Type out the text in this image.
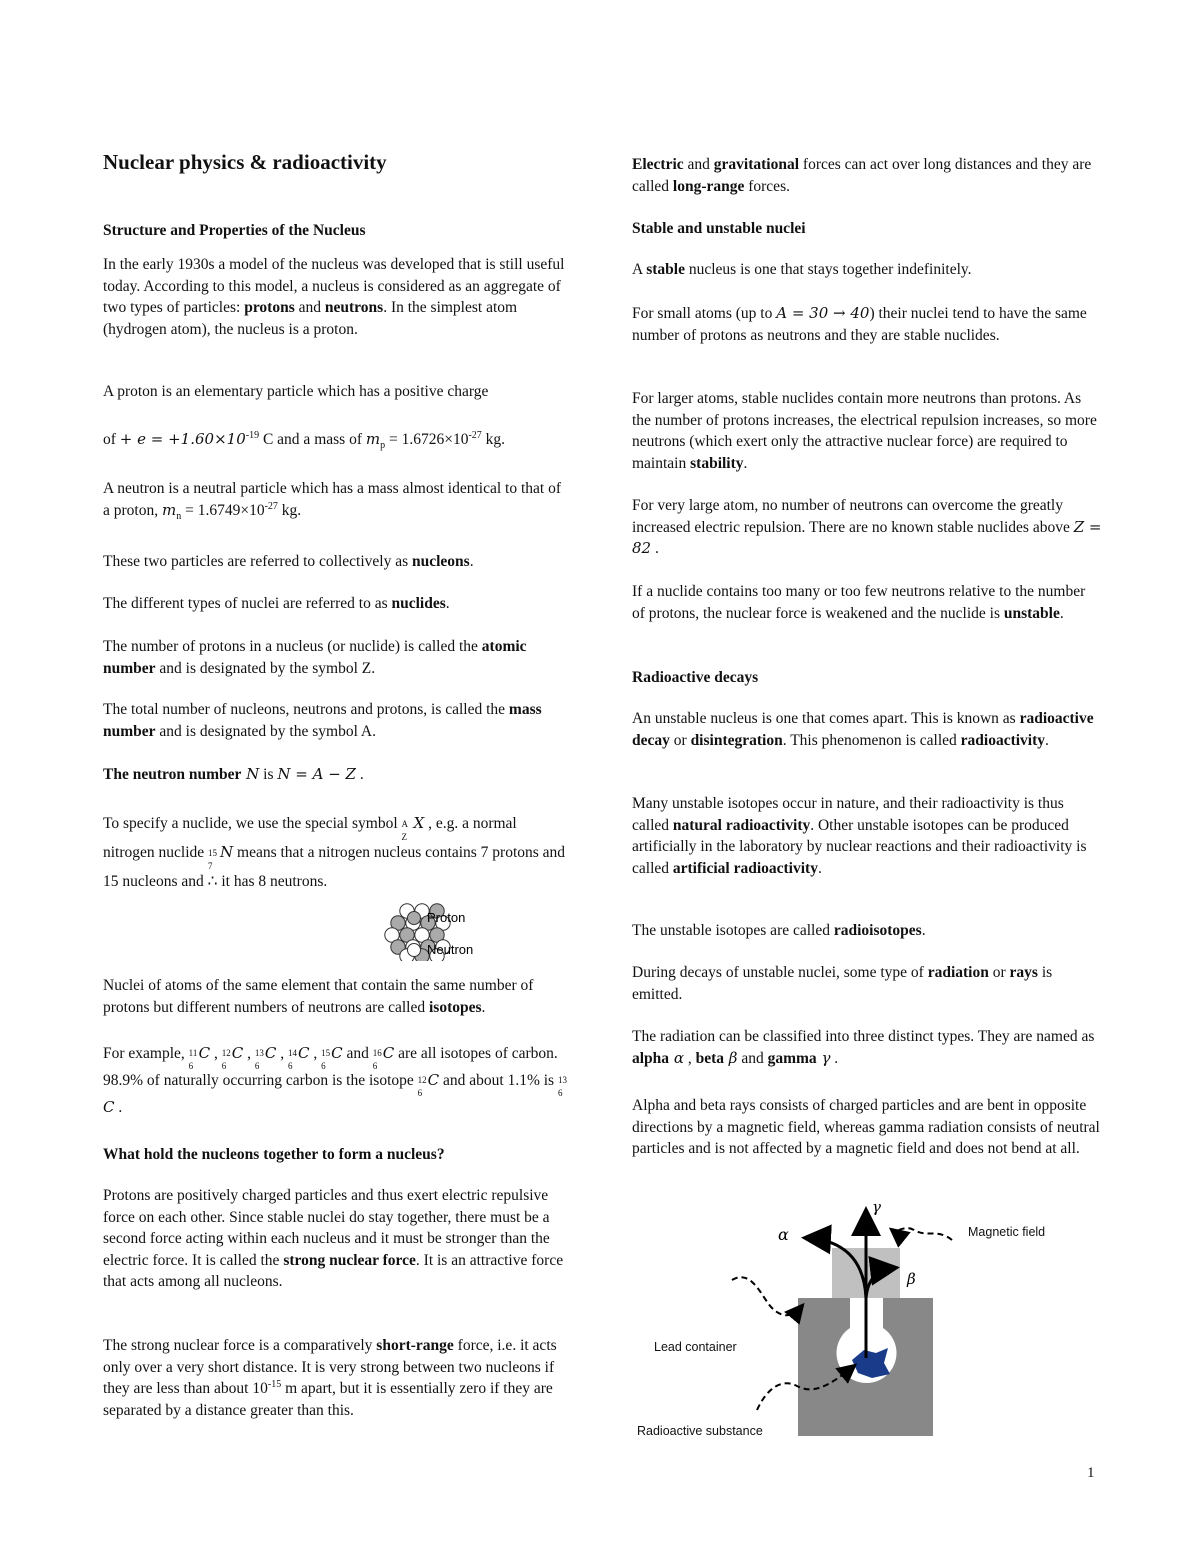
Nuclear physics & radioactivity
Structure and Properties of the Nucleus

In the early 1930s a model of the nucleus was developed that is still useful today. According to this model, a nucleus is considered as an aggregate of two types of particles: protons and neutrons. In the simplest atom (hydrogen atom), the nucleus is a proton.

A proton is an elementary particle which has a positive charge

of + $e = +1.60\times 10^{-19}$ C and a mass of $m_p = 1.6726\times 10^{-27}$ kg.

A neutron is a neutral particle which has a mass almost identical to that of a proton, $m_n = 1.6749\times 10^{-27}$ kg.

These two particles are referred to collectively as nucleons.

The different types of nuclei are referred to as nuclides.

The number of protons in a nucleus (or nuclide) is called the atomic number and is designated by the symbol Z.

The total number of nucleons, neutrons and protons, is called the mass number and is designated by the symbol A.

The neutron number N is N = A − Z .

To specify a nuclide, we use the special symbol A
Z
X , e.g. a normal nitrogen nuclide 15
7
N means that a nitrogen nucleus contains 7 protons and 15 nucleons and ∴ it has 8 neutrons.

Proton
Neutron

Nuclei of atoms of the same element that contain the same number of protons but different numbers of neutrons are called isotopes.

For example, 11
6
C , 12
6
C , 13
6
C , 14
6
C , 15
6
C and 16
6
C are all isotopes of carbon. 98.9% of naturally occurring carbon is the isotope 12
6
C and about 1.1% is 13
6
C .

What hold the nucleons together to form a nucleus?

Protons are positively charged particles and thus exert electric repulsive force on each other. Since stable nuclei do stay together, there must be a second force acting within each nucleus and it must be stronger than the electric force. It is called the strong nuclear force. It is an attractive force that acts among all nucleons.

The strong nuclear force is a comparatively short-range force, i.e. it acts only over a very short distance. It is very strong between two nucleons if they are less than about $10^{-15}$ m apart, but it is essentially zero if they are separated by a distance greater than this.

Electric and gravitational forces can act over long distances and they are called long-range forces.

Stable and unstable nuclei

A stable nucleus is one that stays together indefinitely.

For small atoms (up to A = 30 → 40) their nuclei tend to have the same number of protons as neutrons and they are stable nuclides.

For larger atoms, stable nuclides contain more neutrons than protons. As the number of protons increases, the electrical repulsion increases, so more neutrons (which exert only the attractive nuclear force) are required to maintain stability.

For very large atom, no number of neutrons can overcome the greatly increased electric repulsion. There are no known stable nuclides above Z = 82 .

If a nuclide contains too many or too few neutrons relative to the number of protons, the nuclear force is weakened and the nuclide is unstable.

Radioactive decays

An unstable nucleus is one that comes apart. This is known as radioactive decay or disintegration. This phenomenon is called radioactivity.

Many unstable isotopes occur in nature, and their radioactivity is thus called natural radioactivity. Other unstable isotopes can be produced artificially in the laboratory by nuclear reactions and their radioactivity is called artificial radioactivity.

The unstable isotopes are called radioisotopes.

During decays of unstable nuclei, some type of radiation or rays is emitted.

The radiation can be classified into three distinct types. They are named as alpha α , beta β and gamma γ .

Alpha and beta rays consists of charged particles and are bent in opposite directions by a magnetic field, whereas gamma radiation consists of neutral particles and is not affected by a magnetic field and does not bend at all.

γ
α
β
Magnetic field
Lead container
Radioactive substance
1
